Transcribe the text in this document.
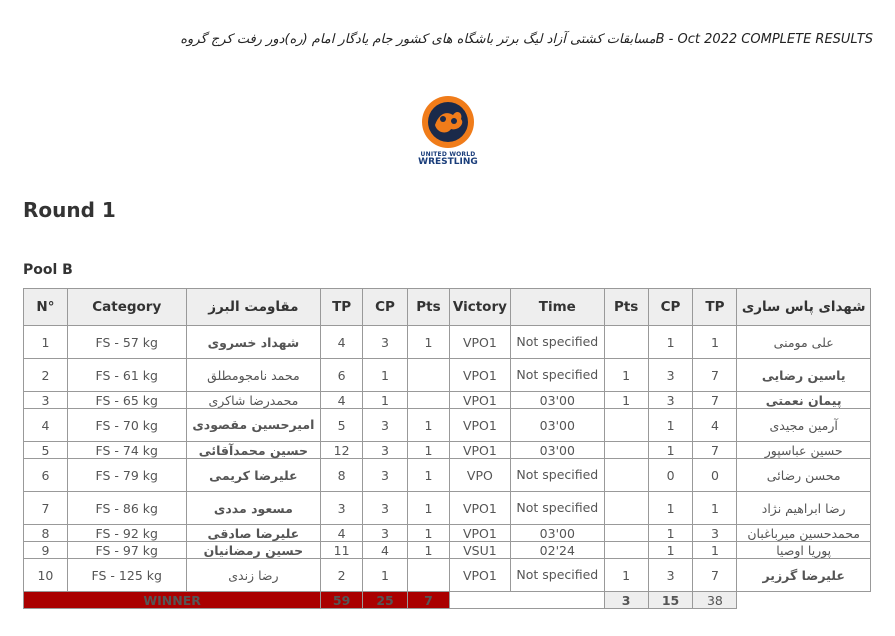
مسابقات کشتی آزاد لیگ برتر باشگاه های کشور جام یادگار امام (ره)دور رفت کرج گروهB - Oct 2022 COMPLETE RESULTS
UNITED WORLD
WRESTLING
Round 1
Pool B
N°	Category	مقاومت البرز	TP	CP	Pts	Victory	Time	Pts	CP	TP	شهدای پاس ساری
1	FS - 57 kg	شهداد خسروی	4	3	1	VPO1	Not specified		1	1	علی مومنی
2	FS - 61 kg	محمد نامجومطلق	6	1		VPO1	Not specified	1	3	7	یاسین رضایی
3	FS - 65 kg	محمدرضا شاکری	4	1		VPO1	03'00	1	3	7	پیمان نعمتی
4	FS - 70 kg	امیرحسین مقصودی	5	3	1	VPO1	03'00		1	4	آرمین مجیدی
5	FS - 74 kg	حسین محمدآقائی	12	3	1	VPO1	03'00		1	7	حسین عباسپور
6	FS - 79 kg	علیرضا کریمی	8	3	1	VPO	Not specified		0	0	محسن رضائی
7	FS - 86 kg	مسعود مددی	3	3	1	VPO1	Not specified		1	1	رضا ابراهیم نژاد
8	FS - 92 kg	علیرضا صادقی	4	3	1	VPO1	03'00		1	3	محمدحسین میرباغبان
9	FS - 97 kg	حسین رمضانیان	11	4	1	VSU1	02'24		1	1	پوریا اوصیا
10	FS - 125 kg	رضا زندی	2	1		VPO1	Not specified	1	3	7	علیرضا گرزیر
WINNER			59	25	7			3	15	38	
